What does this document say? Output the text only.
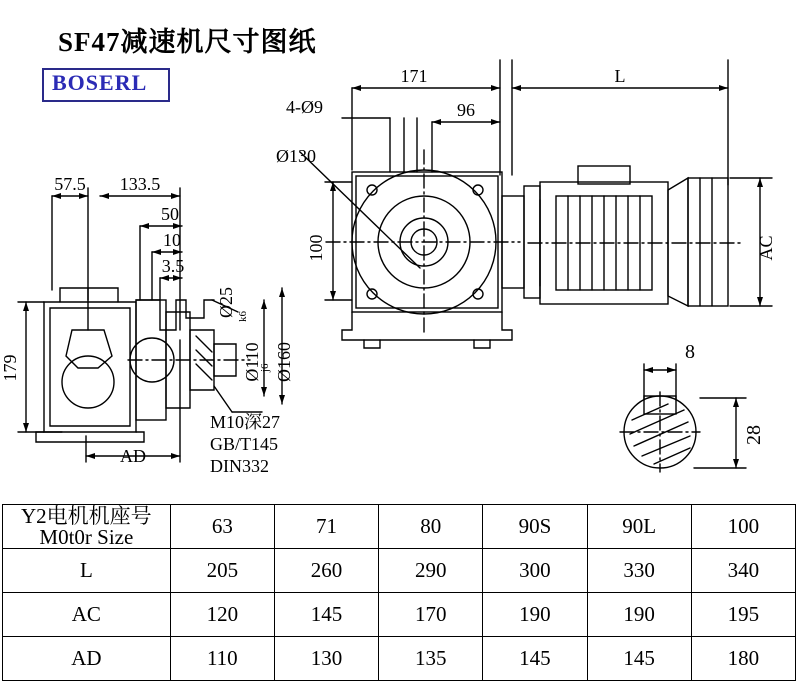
SF47减速机尺寸图纸
BOSERL	171	L
96
4-Ø9
Ø130
100	AC
57.5 133.5
50
10
3.5
179
AD
Ø25 k6
Ø110
j6 Ø160
M10深27
GB/T145
DIN332
8
28
Y2电机机座号
M0t0r Size	63	71	80	90S	90L	100
L	205	260	290	300	330	340
AC	120	145	170	190	190	195
AD	110	130	135	145	145	180
